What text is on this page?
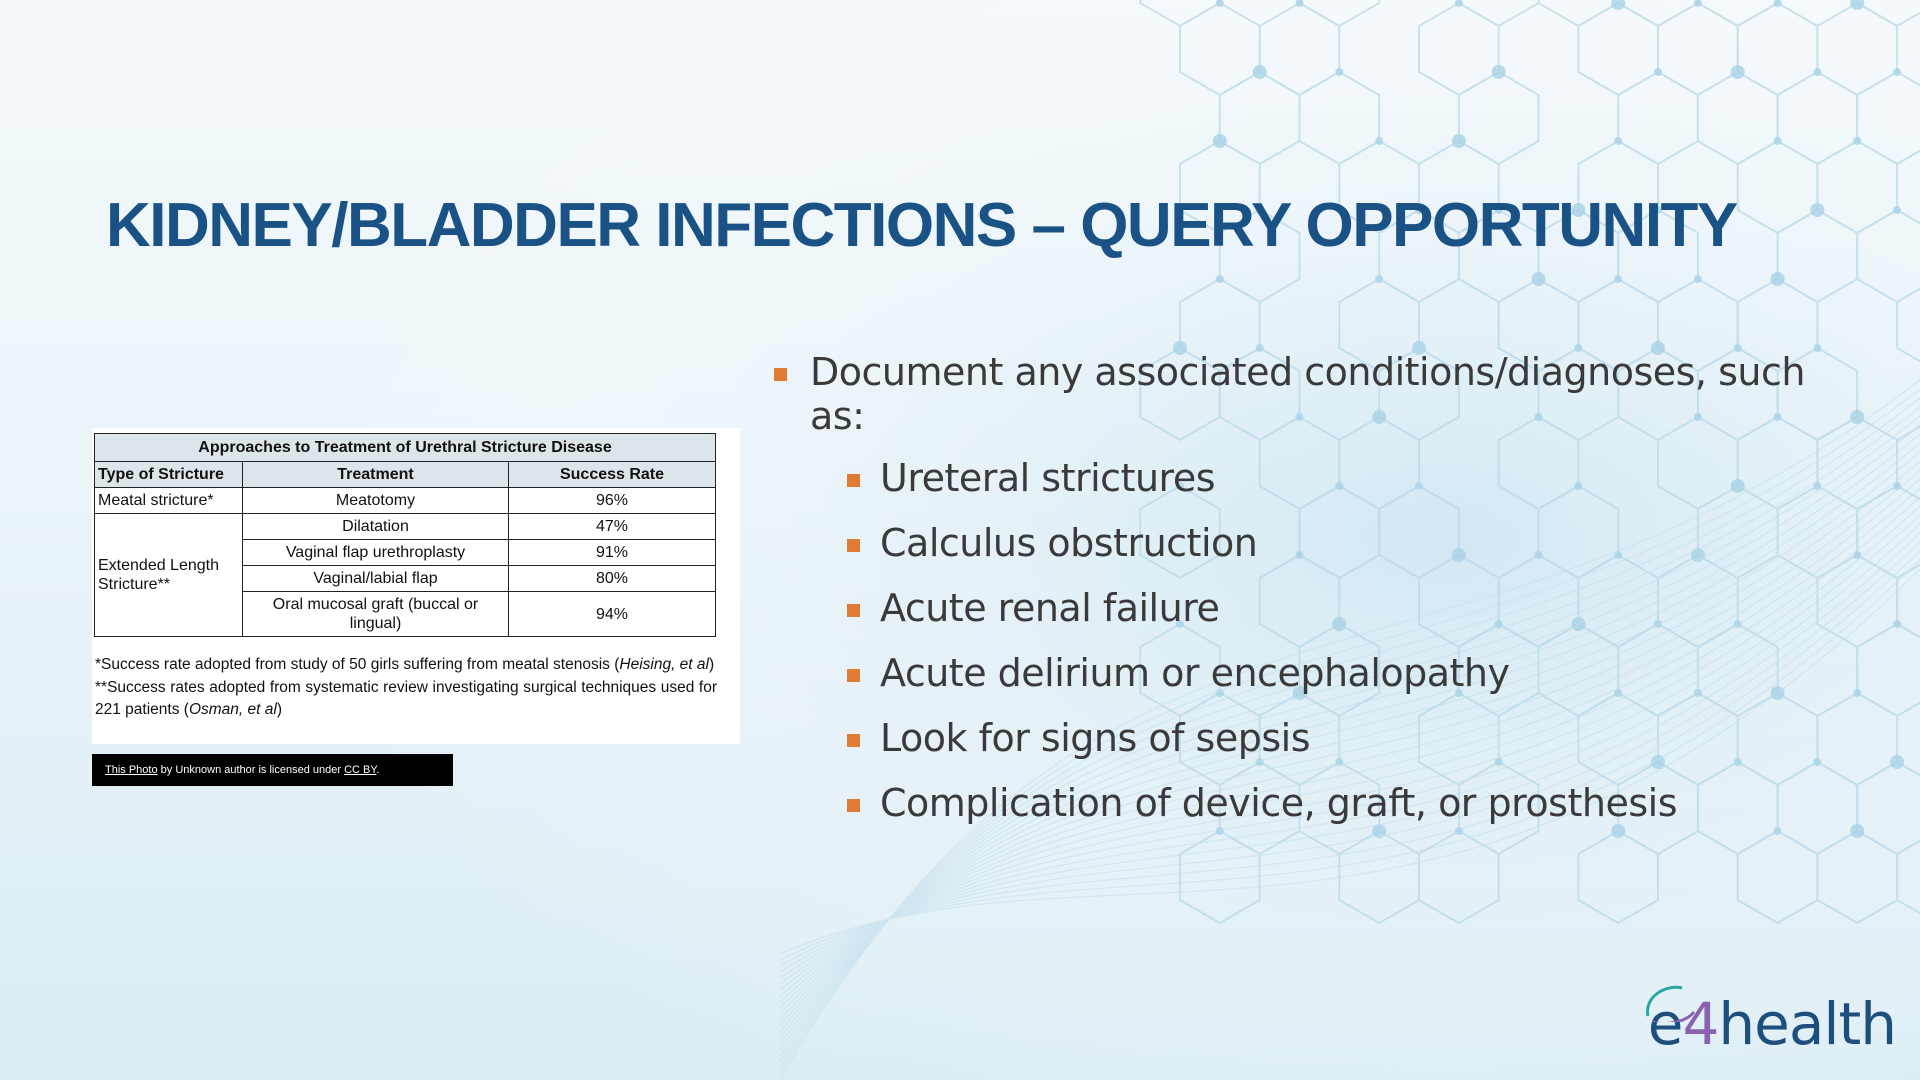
KIDNEY/BLADDER INFECTIONS – QUERY OPPORTUNITY
Approaches to Treatment of Urethral Stricture Disease		
Type of Stricture	Treatment	Success Rate
Meatal stricture*	Meatotomy	96%
Extended Length Stricture**	Dilatation	47%
	Vaginal flap urethroplasty	91%
	Vaginal/labial flap	80%
	Oral mucosal graft (buccal or lingual)	94%

*Success rate adopted from study of 50 girls suffering from meatal stenosis (Heising, et al)

**Success rates adopted from systematic review investigating surgical techniques used for 221 patients (Osman, et al)

This Photo by Unknown author is licensed under CC BY.
Document any associated conditions/diagnoses, such as:
Ureteral strictures
Calculus obstruction
Acute renal failure
Acute delirium or encephalopathy
Look for signs of sepsis
Complication of device, graft, or prosthesis
e4health
